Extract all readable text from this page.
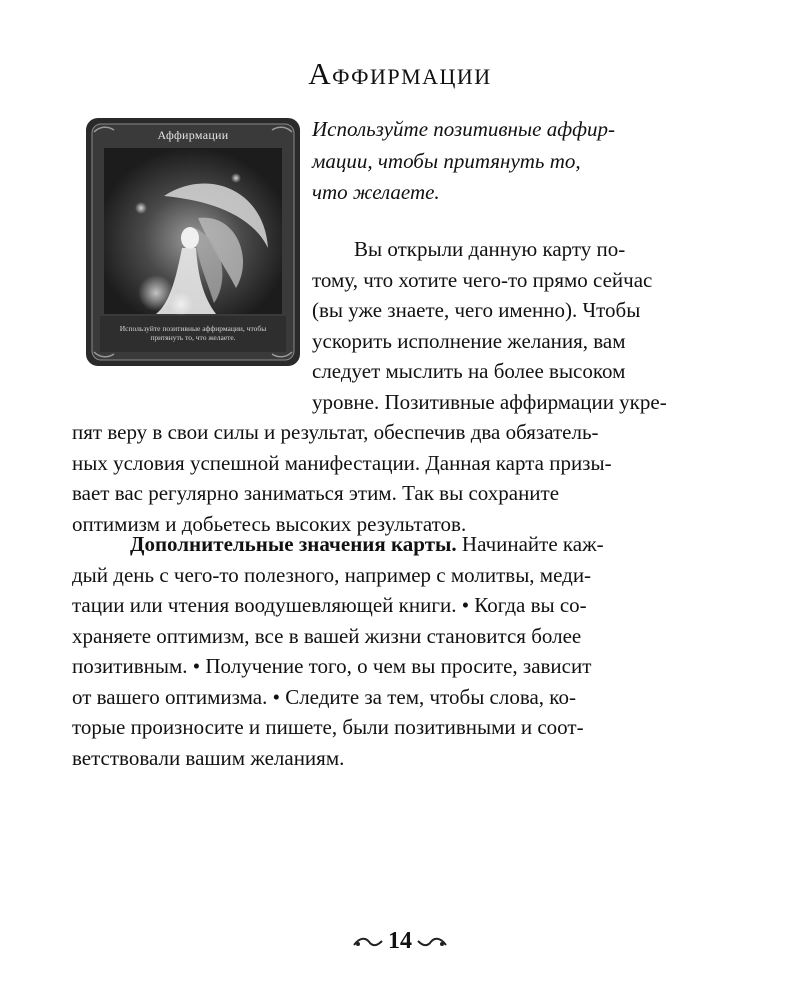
Аффирмации
Аффирмации
Используйте позитивные аффирмации, чтобы притянуть то, что желаете.

Используйте позитивные аффир-
мации, чтобы притянуть то,
что желаете.

Вы открыли данную карту по-
тому, что хотите чего-то прямо сейчас
(вы уже знаете, чего именно). Чтобы
ускорить исполнение желания, вам
следует мыслить на более высоком
уровне. Позитивные аффирмации укре-
пят веру в свои силы и результат, обеспечив два обязатель-
ных условия успешной манифестации. Данная карта призы-
вает вас регулярно заниматься этим. Так вы сохраните
оптимизм и добьетесь высоких результатов.
Дополнительные значения карты. Начинайте каж-
дый день с чего-то полезного, например с молитвы, меди-
тации или чтения воодушевляющей книги. • Когда вы со-
храняете оптимизм, все в вашей жизни становится более
позитивным. • Получение того, о чем вы просите, зависит
от вашего оптимизма. • Следите за тем, чтобы слова, ко-
торые произносите и пишете, были позитивными и соот-
ветствовали вашим желаниям.
14
